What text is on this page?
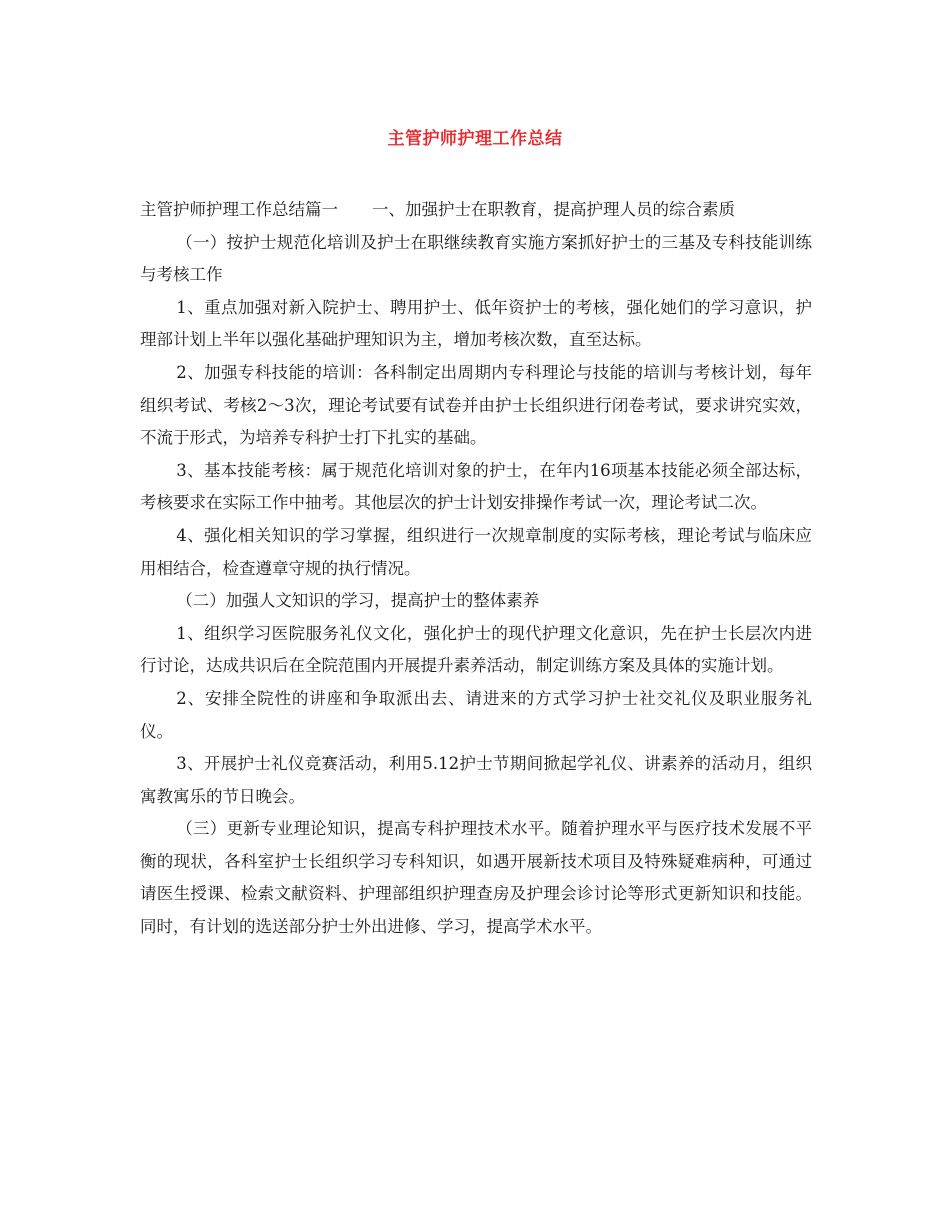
主管护师护理工作总结

主管护师护理工作总结篇一 一、加强护士在职教育，提高护理人员的综合素质

（一）按护士规范化培训及护士在职继续教育实施方案抓好护士的三基及专科技能训练与考核工作

1、重点加强对新入院护士、聘用护士、低年资护士的考核，强化她们的学习意识，护理部计划上半年以强化基础护理知识为主，增加考核次数，直至达标。

2、加强专科技能的培训：各科制定出周期内专科理论与技能的培训与考核计划，每年组织考试、考核2～3次，理论考试要有试卷并由护士长组织进行闭卷考试，要求讲究实效，不流于形式，为培养专科护士打下扎实的基础。

3、基本技能考核：属于规范化培训对象的护士，在年内16项基本技能必须全部达标，考核要求在实际工作中抽考。其他层次的护士计划安排操作考试一次，理论考试二次。

4、强化相关知识的学习掌握，组织进行一次规章制度的实际考核，理论考试与临床应用相结合，检查遵章守规的执行情况。

（二）加强人文知识的学习，提高护士的整体素养

1、组织学习医院服务礼仪文化，强化护士的现代护理文化意识，先在护士长层次内进行讨论，达成共识后在全院范围内开展提升素养活动，制定训练方案及具体的实施计划。

2、安排全院性的讲座和争取派出去、请进来的方式学习护士社交礼仪及职业服务礼仪。

3、开展护士礼仪竞赛活动，利用5.12护士节期间掀起学礼仪、讲素养的活动月，组织寓教寓乐的节日晚会。

（三）更新专业理论知识，提高专科护理技术水平。随着护理水平与医疗技术发展不平衡的现状，各科室护士长组织学习专科知识，如遇开展新技术项目及特殊疑难病种，可通过请医生授课、检索文献资料、护理部组织护理查房及护理会诊讨论等形式更新知识和技能。同时，有计划的选送部分护士外出进修、学习，提高学术水平。
